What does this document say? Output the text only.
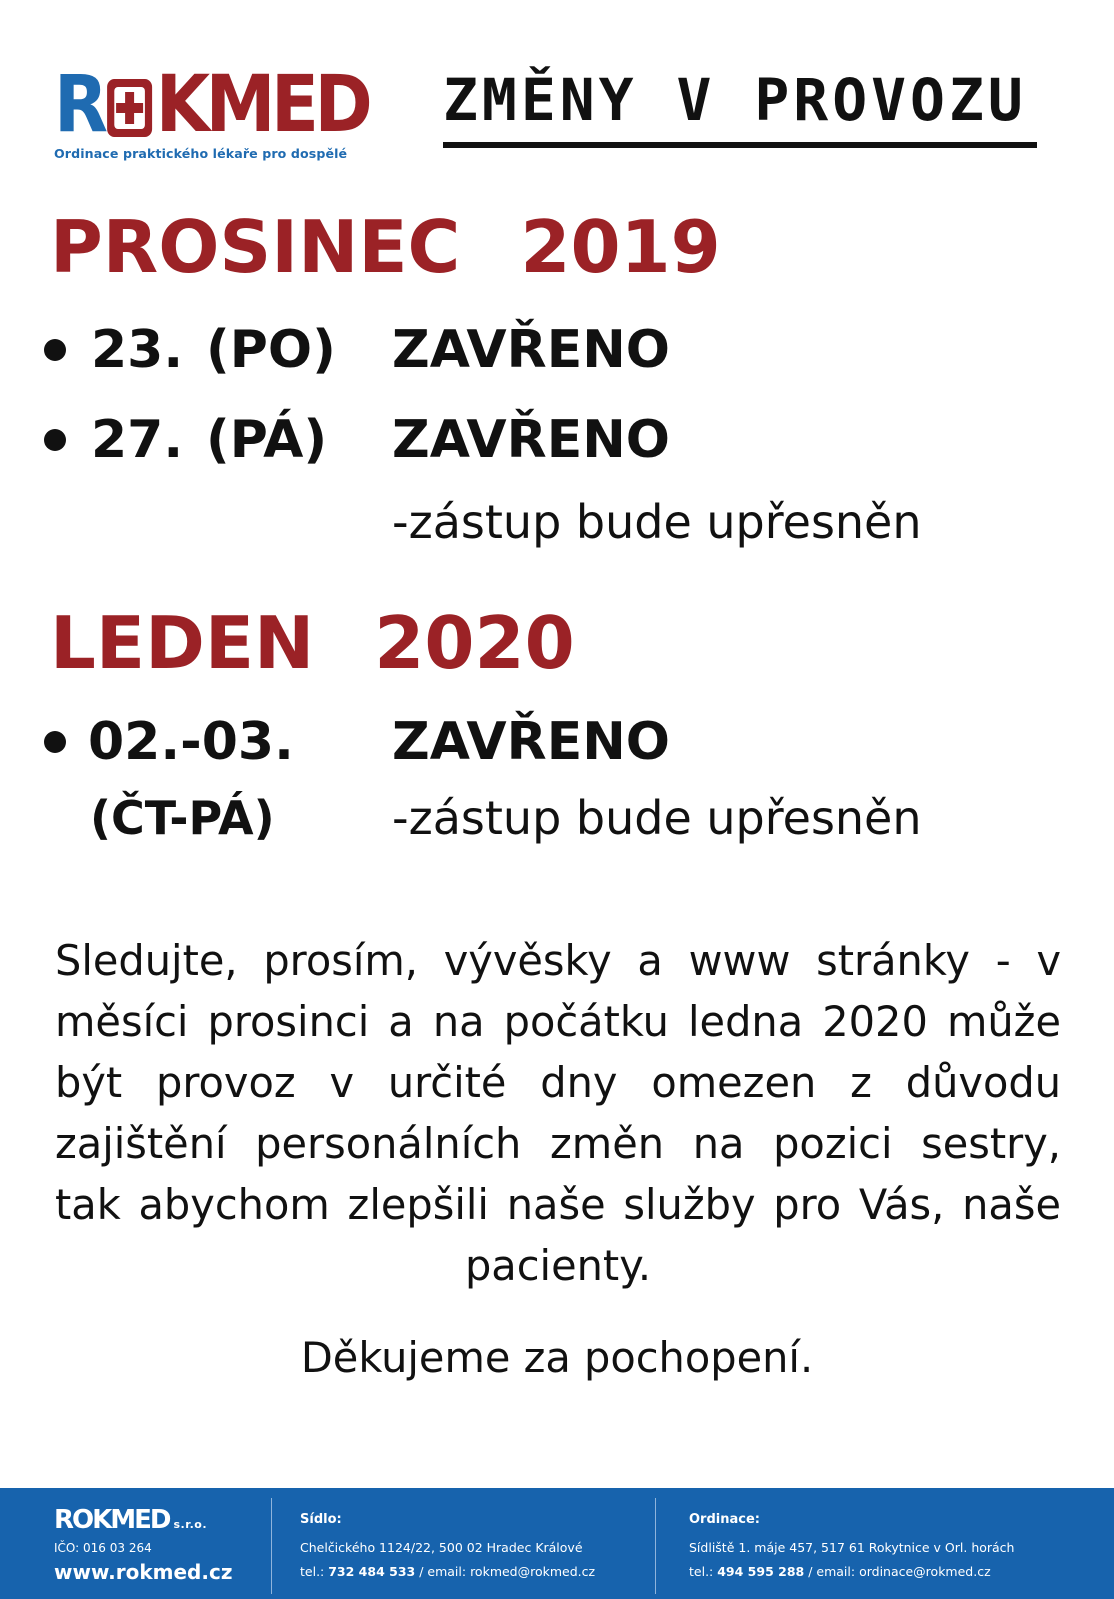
R KMED
Ordinace praktického lékaře pro dospělé
ZMĚNY V PROVOZU
PROSINEC 2019
23. (PO) ZAVŘENO
27. (PÁ) ZAVŘENO
-zástup bude upřesněn
LEDEN 2020
02.-03. ZAVŘENO
(ČT-PÁ)	-zástup bude upřesněn
Sledujte, prosím, vývěsky a www stránky - v měsíci prosinci a na počátku ledna 2020 může být provoz v určité dny omezen z důvodu zajištění personálních změn na pozici sestry, tak abychom zlepšili naše služby pro Vás, naše pacienty.
Děkujeme za pochopení.
ROKMED s.r.o.
IČO: 016 03 264
www.rokmed.cz
Sídlo:
Chelčického 1124/22, 500 02 Hradec Králové
tel.: 732 484 533 / email: rokmed@rokmed.cz
Ordinace:
Sídliště 1. máje 457, 517 61 Rokytnice v Orl. horách
tel.: 494 595 288 / email: ordinace@rokmed.cz
